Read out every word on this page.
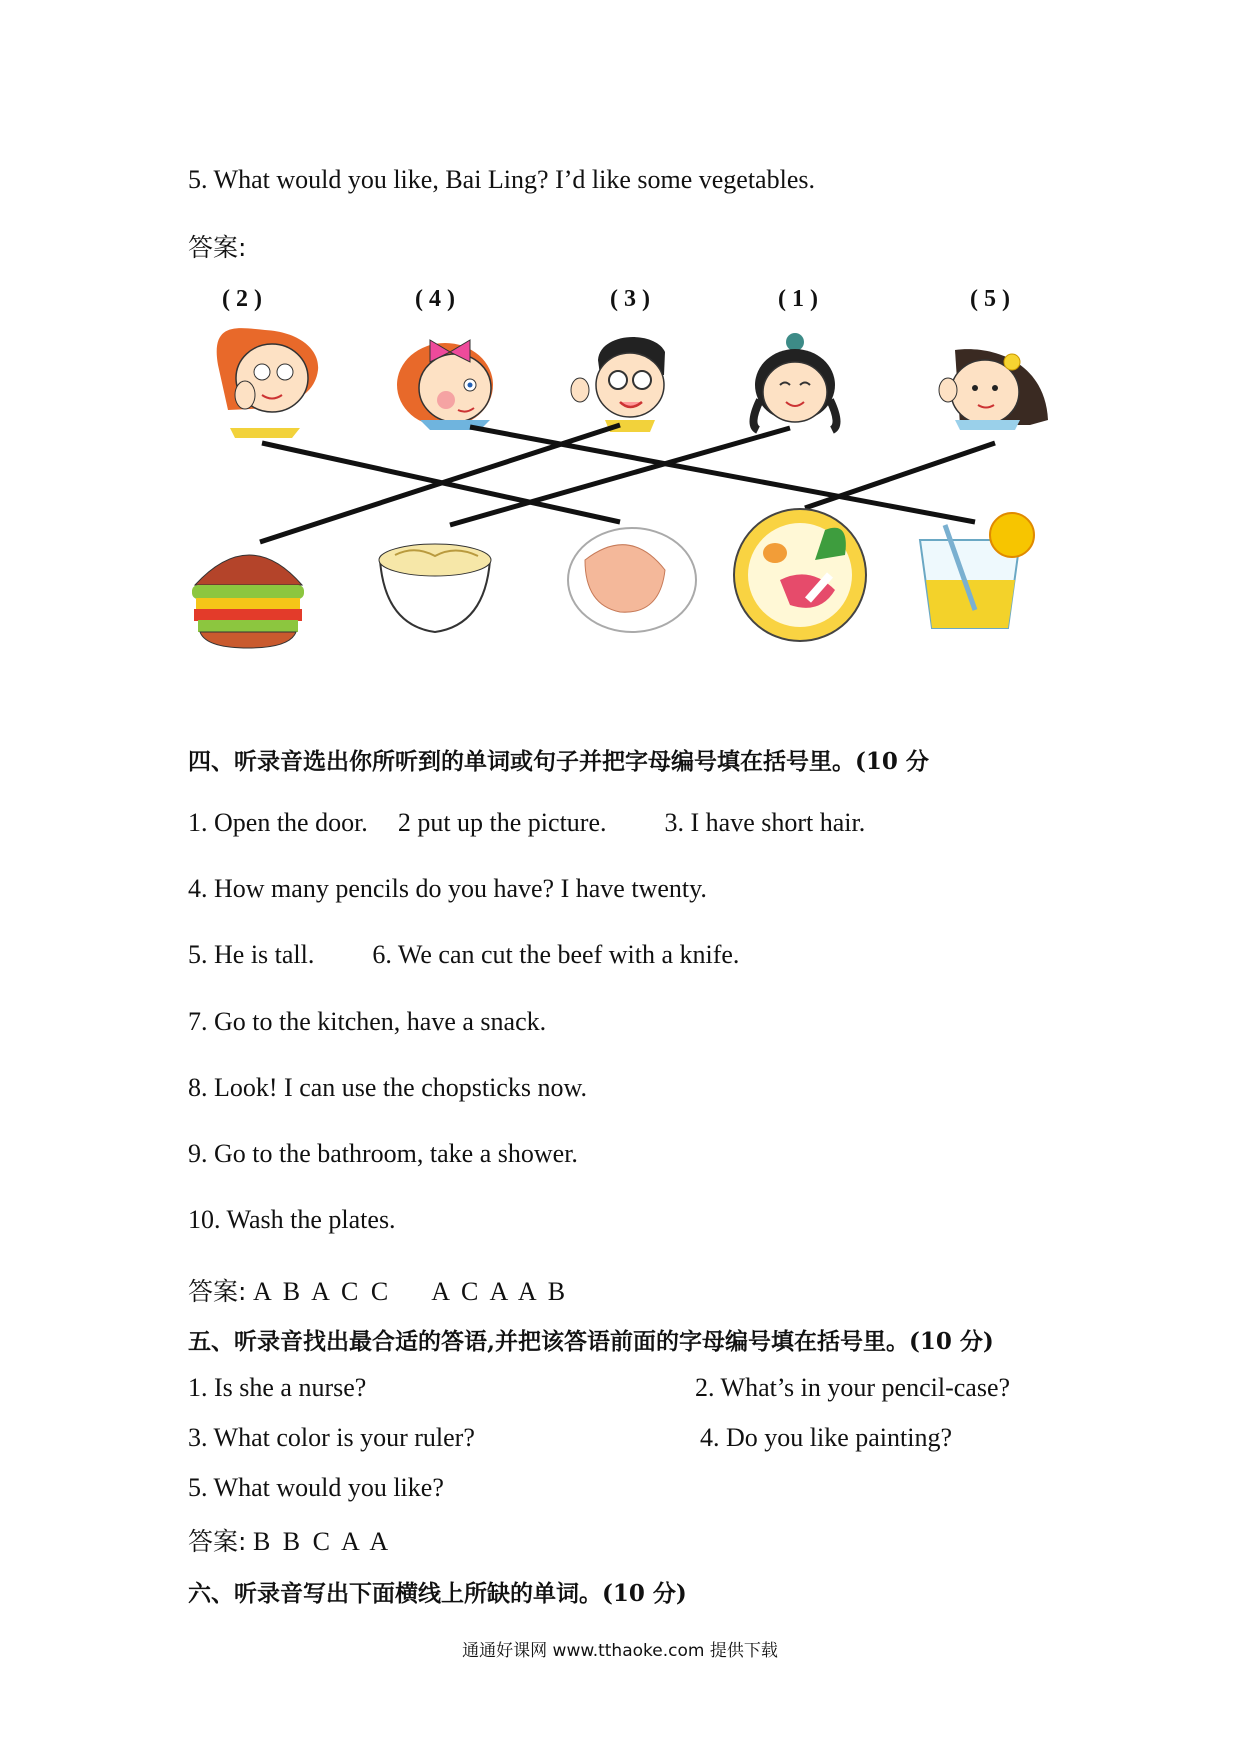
5. What would you like, Bai Ling? I’d like some vegetables.
答案:
( 2 )	( 4 )	( 3 )	( 1 )	( 5 )
四、听录音选出你所听到的单词或句子并把字母编号填在括号里。(10 分
1. Open the door. 2 put up the picture. 3. I have short hair.
4. How many pencils do you have? I have twenty.
5. He is tall. 6. We can cut the beef with a knife.
7. Go to the kitchen, have a snack.
8. Look! I can use the chopsticks now.
9. Go to the bathroom, take a shower.
10. Wash the plates.
答案: A B A C C A C A A B
五、听录音找出最合适的答语,并把该答语前面的字母编号填在括号里。(10 分)
1. Is she a nurse?	2. What’s in your pencil-case?
3. What color is your ruler?	4. Do you like painting?
5. What would you like?
答案: B B C A A
六、听录音写出下面横线上所缺的单词。(10 分)
通通好课网 www.tthaoke.com 提供下载
